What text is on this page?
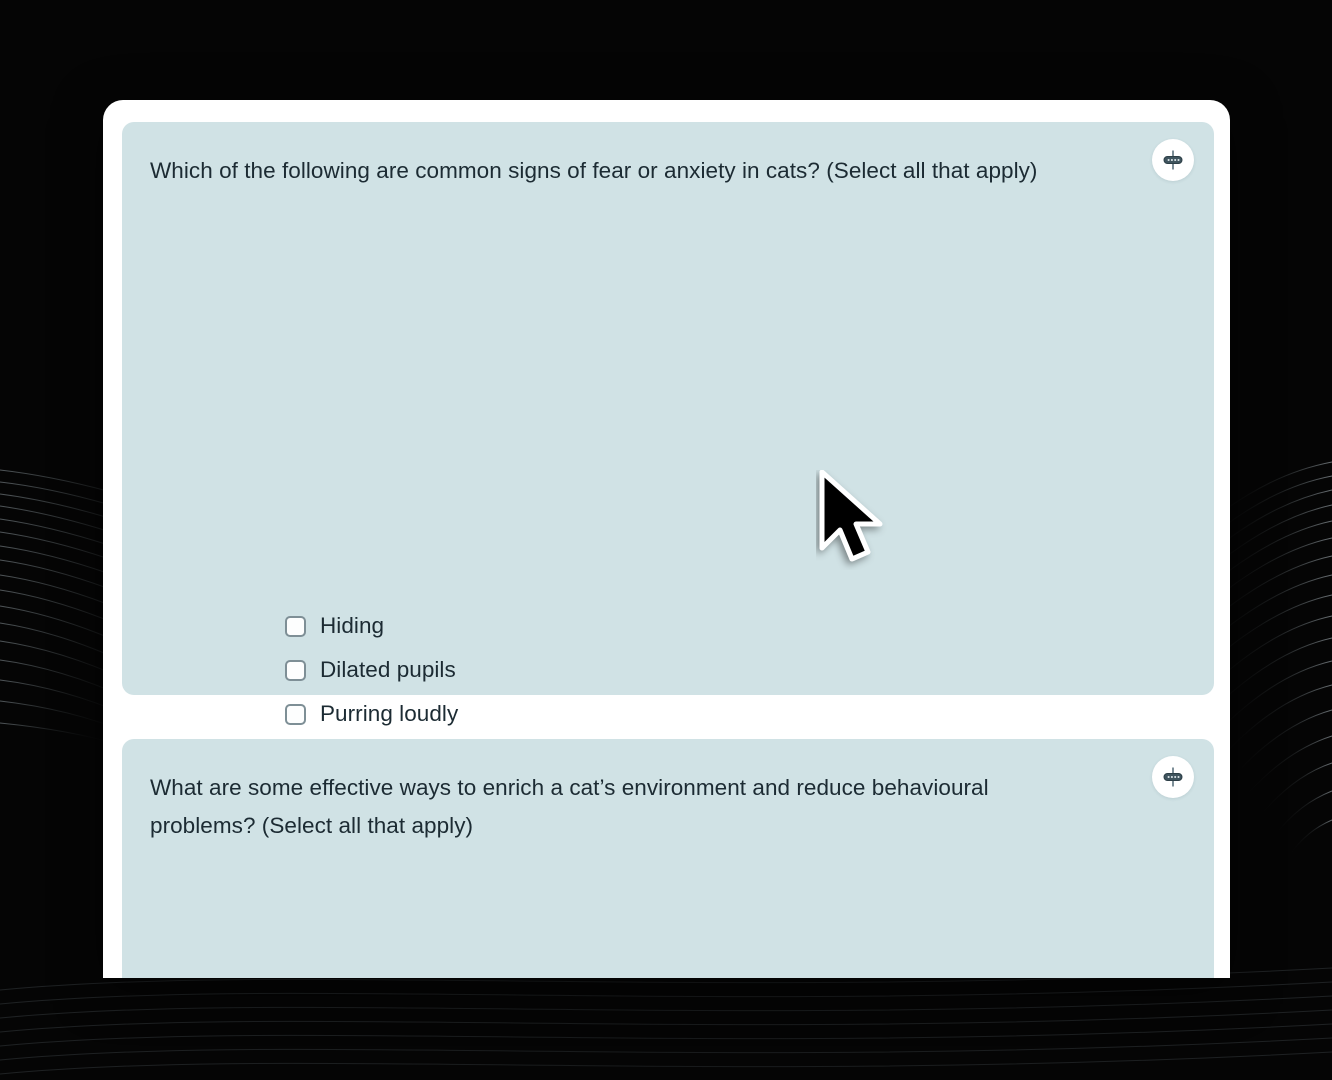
Which of the following are common signs of fear or anxiety in cats? (Select all that apply)

Hiding
Dilated pupils
Purring loudly

What are some effective ways to enrich a cat’s environment and reduce behavioural problems? (Select all that apply)
